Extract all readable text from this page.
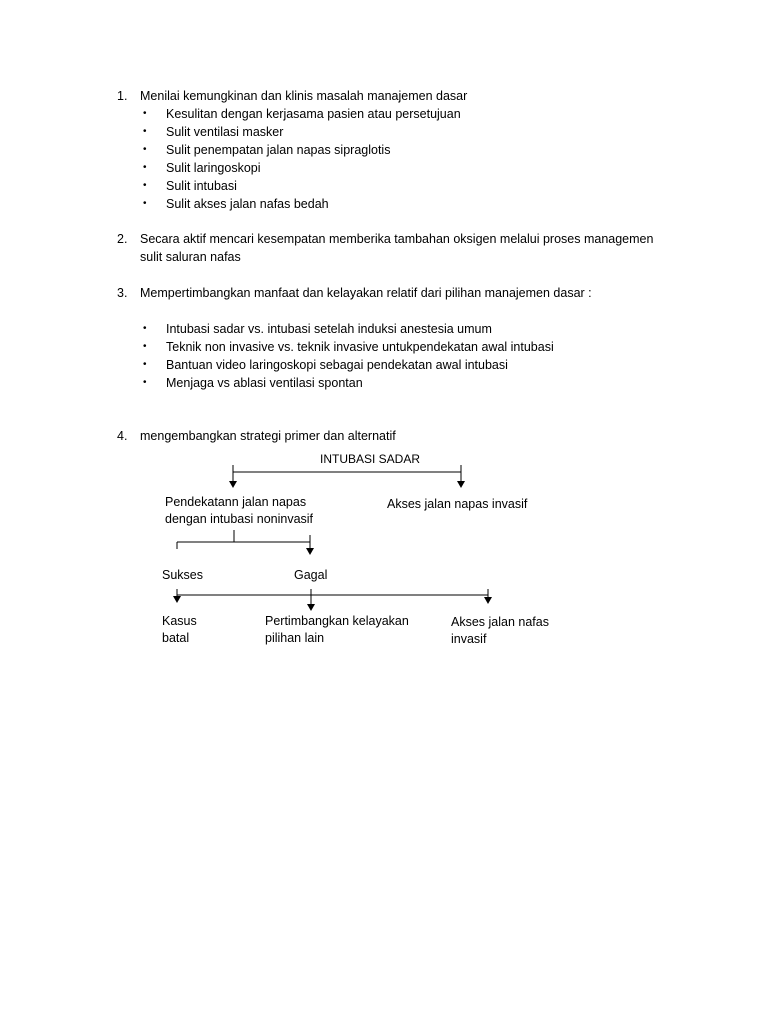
1. Menilai kemungkinan dan klinis masalah manajemen dasar
• Kesulitan dengan kerjasama pasien atau persetujuan
• Sulit ventilasi masker
• Sulit penempatan jalan napas sipraglotis
• Sulit laringoskopi
• Sulit intubasi
• Sulit akses jalan nafas bedah
2. Secara aktif mencari kesempatan memberika tambahan oksigen melalui proses managemen
sulit saluran nafas
3. Mempertimbangkan manfaat dan kelayakan relatif dari pilihan manajemen dasar :
• Intubasi sadar vs. intubasi setelah induksi anestesia umum
• Teknik non invasive vs. teknik invasive untukpendekatan awal intubasi
• Bantuan video laringoskopi sebagai pendekatan awal intubasi
• Menjaga vs ablasi ventilasi spontan
4. mengembangkan strategi primer dan alternatif
INTUBASI SADAR
Pendekatann jalan napas dengan intubasi noninvasif
Akses jalan napas invasif
Sukses	Gagal
Kasus batal
Pertimbangkan kelayakan pilihan lain
Akses jalan nafas invasif
